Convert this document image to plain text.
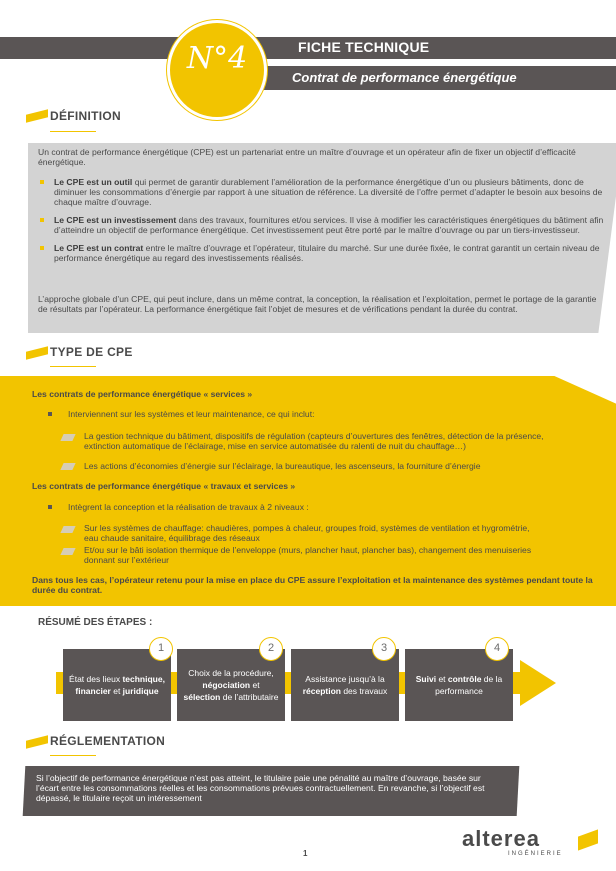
FICHE TECHNIQUE
Contrat de performance énergétique
N°4
DÉFINITION
Un contrat de performance énergétique (CPE) est un partenariat entre un maître d’ouvrage et un opérateur afin de fixer un objectif d’efficacité énergétique.
Le CPE est un outil qui permet de garantir durablement l’amélioration de la performance énergétique d’un ou plusieurs bâtiments, donc de diminuer les consommations d’énergie par rapport à une situation de référence. La diversité de l’offre permet d’adapter le besoin aux besoins de chaque maître d’ouvrage.
Le CPE est un investissement dans des travaux, fournitures et/ou services. Il vise à modifier les caractéristiques énergétiques du bâtiment afin d’atteindre un objectif de performance énergétique. Cet investissement peut être porté par le maître d’ouvrage ou par un tiers-investisseur.
Le CPE est un contrat entre le maître d’ouvrage et l’opérateur, titulaire du marché. Sur une durée fixée, le contrat garantit un certain niveau de performance énergétique au regard des investissements réalisés.
L’approche globale d’un CPE, qui peut inclure, dans un même contrat, la conception, la réalisation et l’exploitation, permet le portage de la garantie de résultats par l’opérateur. La performance énergétique fait l’objet de mesures et de vérifications pendant la durée du contrat.
TYPE DE CPE
Les contrats de performance énergétique « services »
Interviennent sur les systèmes et leur maintenance, ce qui inclut:
La gestion technique du bâtiment, dispositifs de régulation (capteurs d’ouvertures des fenêtres, détection de la présence, extinction automatique de l’éclairage, mise en service automatisée du ralenti de nuit du chauffage…)
Les actions d’économies d’énergie sur l’éclairage, la bureautique, les ascenseurs, la fourniture d’énergie
Les contrats de performance énergétique « travaux et services »
Intègrent la conception et la réalisation de travaux à 2 niveaux :
Sur les systèmes de chauffage: chaudières, pompes à chaleur, groupes froid, systèmes de ventilation et hygrométrie, eau chaude sanitaire, équilibrage des réseaux
Et/ou sur le bâti isolation thermique de l’enveloppe (murs, plancher haut, plancher bas), changement des menuiseries donnant sur l’extérieur
Dans tous les cas, l’opérateur retenu pour la mise en place du CPE assure l’exploitation et la maintenance des systèmes pendant toute la durée du contrat.
RÉSUMÉ DES ÉTAPES :
État des lieux technique, financier et juridique
Choix de la procédure, négociation et sélection de l’attributaire
Assistance jusqu’à la réception des travaux
Suivi et contrôle de la performance
1	2	3	4
RÉGLEMENTATION
Si l’objectif de performance énergétique n’est pas atteint, le titulaire paie une pénalité au maître d’ouvrage, basée sur l’écart entre les consommations réelles et les consommations prévues contractuellement. En revanche, si l’objectif est dépassé, le titulaire reçoit un intéressement
1
alterea
INGÉNIERIE
